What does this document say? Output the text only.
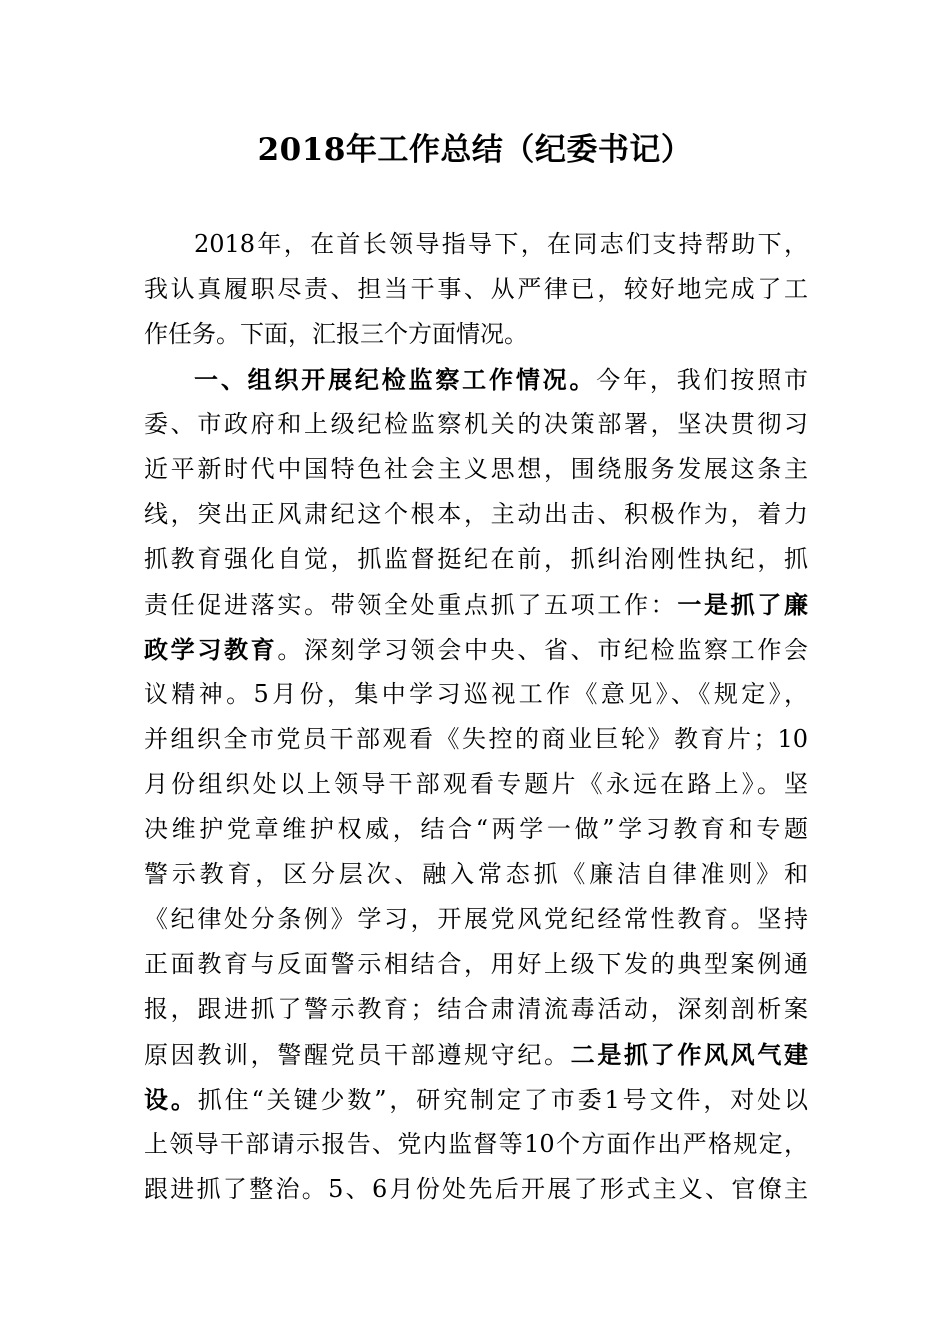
2018年工作总结（纪委书记）
2018年，在首长领导指导下，在同志们支持帮助下，
我认真履职尽责、担当干事、从严律已，较好地完成了工
作任务。下面，汇报三个方面情况。
一、组织开展纪检监察工作情况。今年，我们按照市
委、市政府和上级纪检监察机关的决策部署，坚决贯彻习
近平新时代中国特色社会主义思想，围绕服务发展这条主
线，突出正风肃纪这个根本，主动出击、积极作为，着力
抓教育强化自觉，抓监督挺纪在前，抓纠治刚性执纪，抓
责任促进落实。带领全处重点抓了五项工作：一是抓了廉
政学习教育。深刻学习领会中央、省、市纪检监察工作会
议精神。5月份，集中学习巡视工作《意见》、《规定》，
并组织全市党员干部观看《失控的商业巨轮》教育片；10
月份组织处以上领导干部观看专题片《永远在路上》。坚
决维护党章维护权威，结合“两学一做”学习教育和专题
警示教育，区分层次、融入常态抓《廉洁自律准则》和
《纪律处分条例》学习，开展党风党纪经常性教育。坚持
正面教育与反面警示相结合，用好上级下发的典型案例通
报，跟进抓了警示教育；结合肃清流毒活动，深刻剖析案
原因教训，警醒党员干部遵规守纪。二是抓了作风风气建
设。抓住“关键少数”，研究制定了市委1号文件，对处以
上领导干部请示报告、党内监督等10个方面作出严格规定，
跟进抓了整治。5、6月份处先后开展了形式主义、官僚主
